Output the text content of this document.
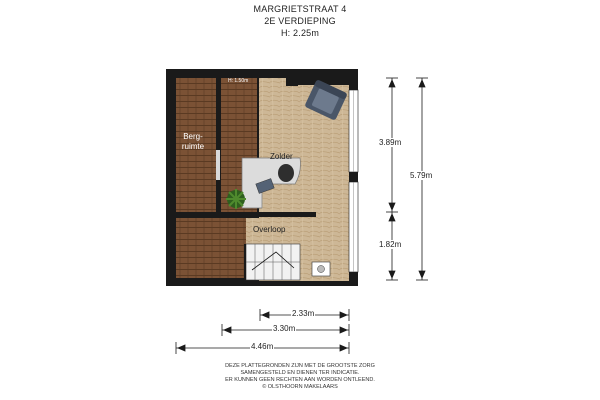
MARGRIETSTRAAT 4
2E VERDIEPING
H: 2.25m
Berg-
ruimte
Zolder
Overloop
H: 1.50m
3.89m
1.82m
5.79m
2.33m
3.30m
4.46m
DEZE PLATTEGRONDEN ZIJN MET DE GROOTSTE ZORG
SAMENGESTELD EN DIENEN TER INDICATIE.
ER KUNNEN GEEN RECHTEN AAN WORDEN ONTLEEND.
© OLSTHOORN MAKELAARS
